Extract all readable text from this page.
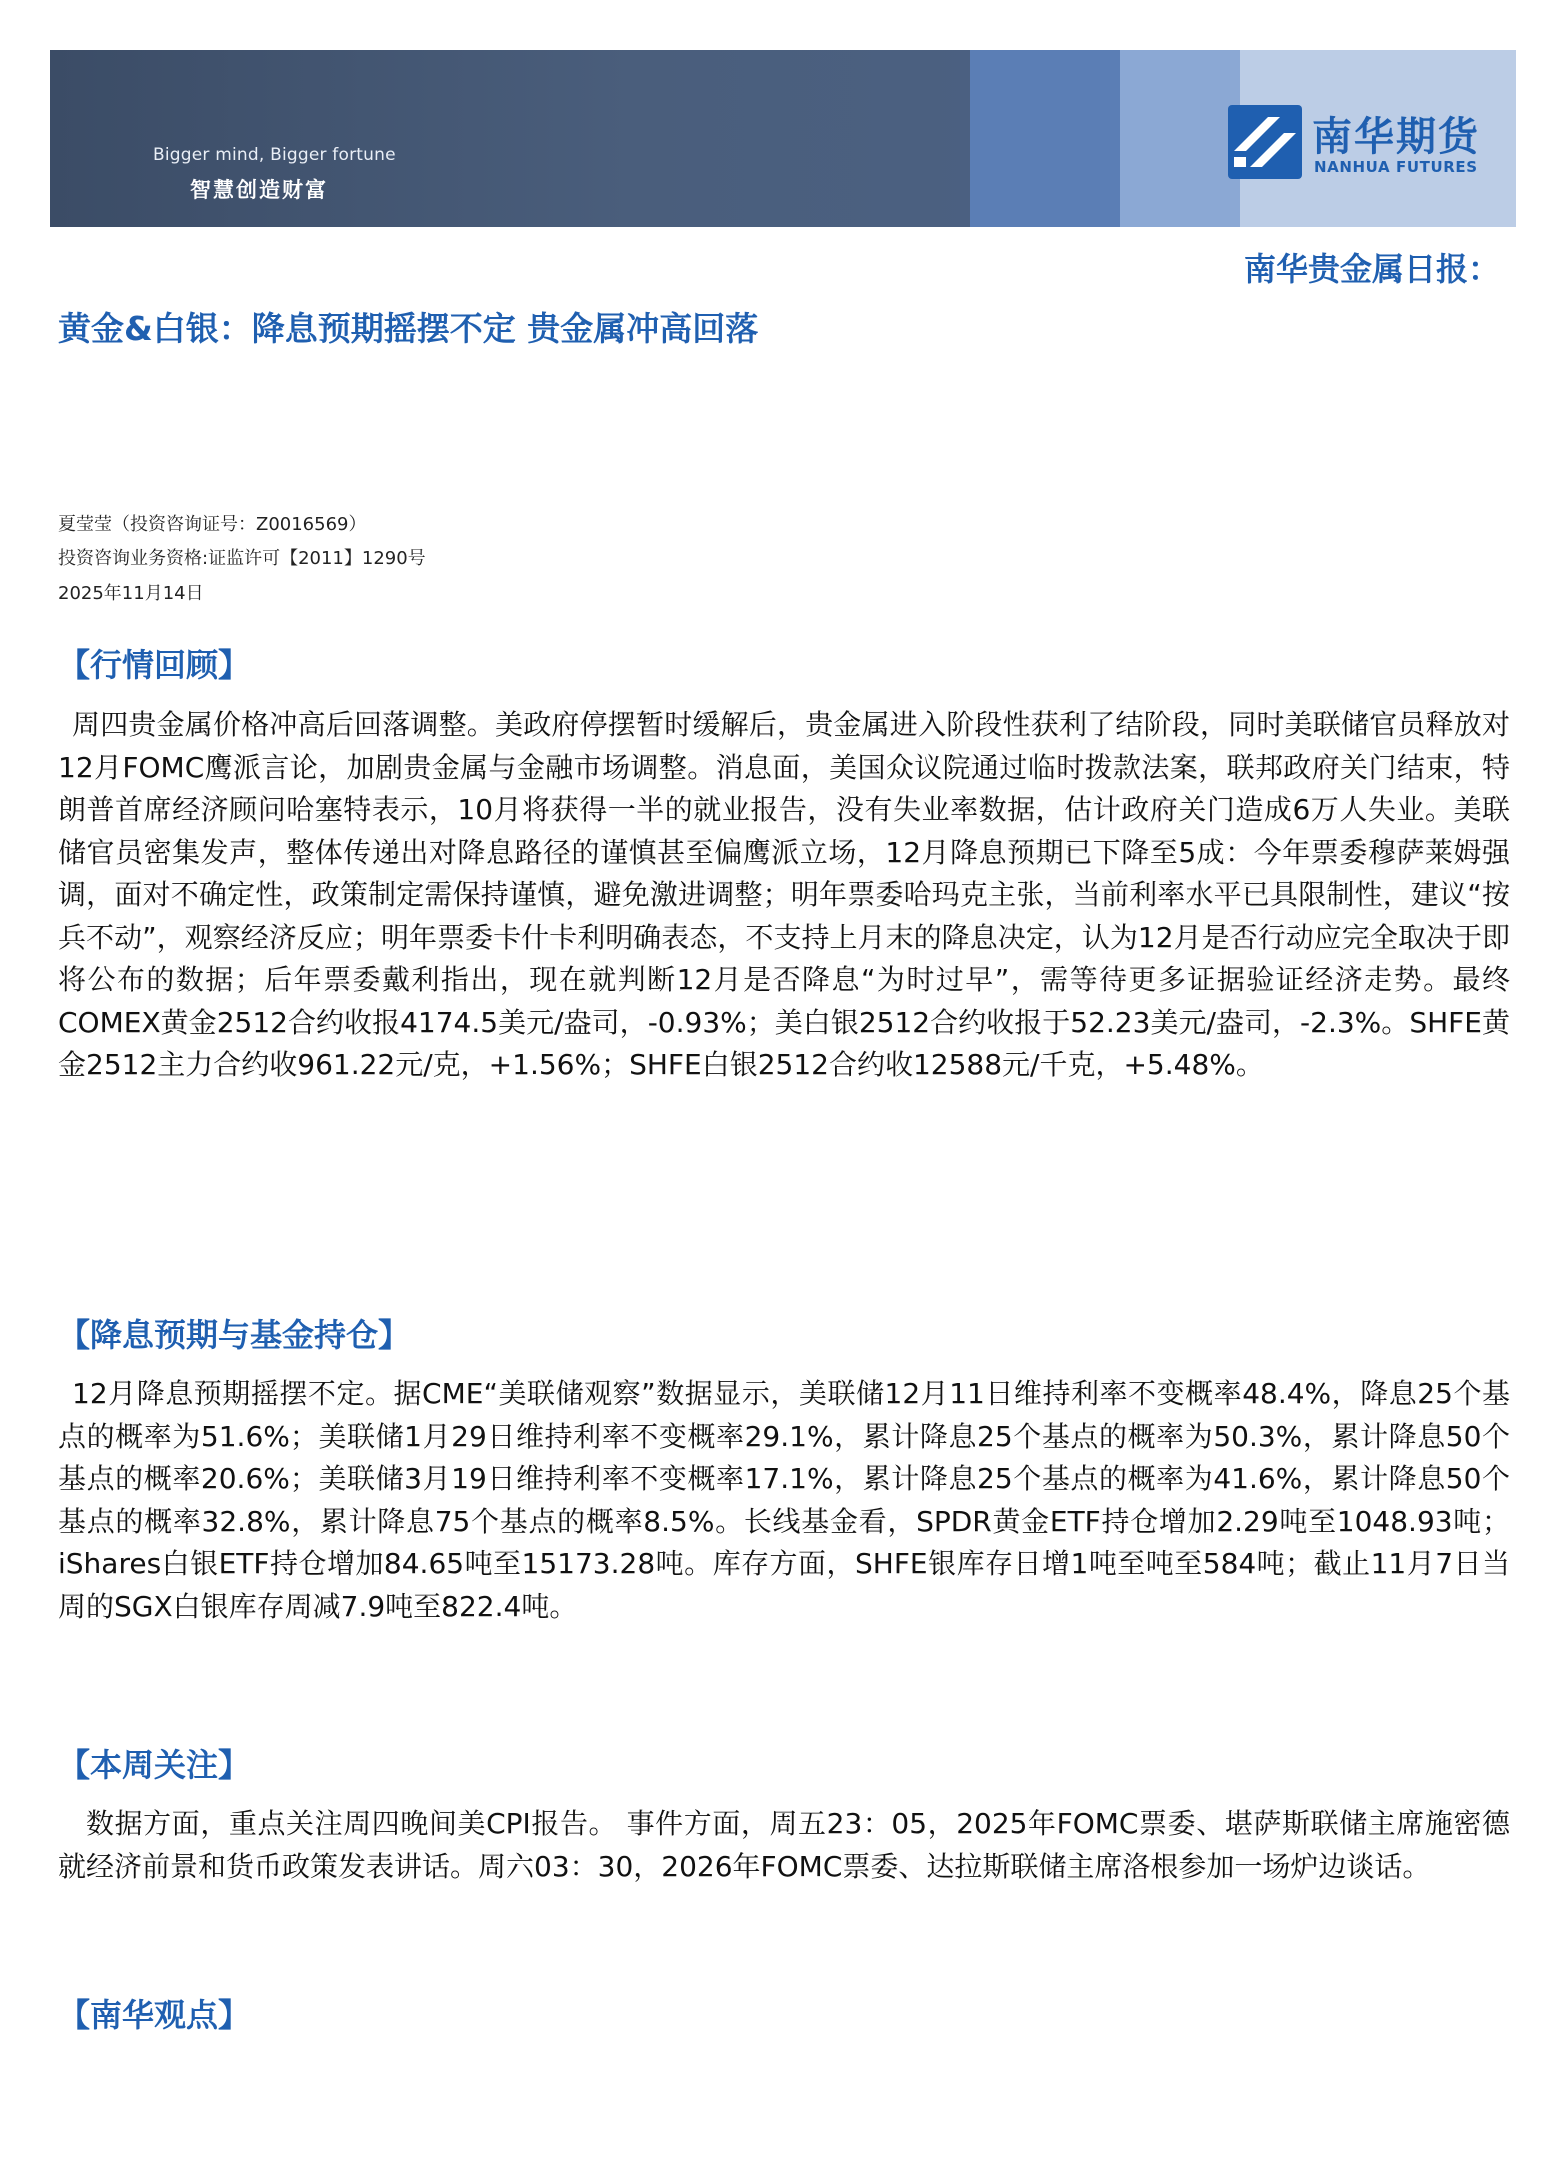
Bigger mind, Bigger fortune
智慧创造财富
南华期货
NANHUA FUTURES
南华贵金属日报：
黄金&白银：降息预期摇摆不定 贵金属冲高回落
夏莹莹（投资咨询证号：Z0016569）
投资咨询业务资格:证监许可【2011】1290号
2025年11月14日
【行情回顾】

周四贵金属价格冲高后回落调整。美政府停摆暂时缓解后，贵金属进入阶段性获利了结阶段，同时美联储官员释放对12月FOMC鹰派言论，加剧贵金属与金融市场调整。消息面，美国众议院通过临时拨款法案，联邦政府关门结束，特朗普首席经济顾问哈塞特表示，10月将获得一半的就业报告，没有失业率数据，估计政府关门造成6万人失业。美联储官员密集发声，整体传递出对降息路径的谨慎甚至偏鹰派立场，12月降息预期已下降至5成：今年票委穆萨莱姆强调，面对不确定性，政策制定需保持谨慎，避免激进调整；明年票委哈玛克主张，当前利率水平已具限制性，建议“按兵不动”，观察经济反应；明年票委卡什卡利明确表态，不支持上月末的降息决定，认为12月是否行动应完全取决于即将公布的数据；后年票委戴利指出，现在就判断12月是否降息“为时过早”，需等待更多证据验证经济走势。最终COMEX黄金2512合约收报4174.5美元/盎司，-0.93%；美白银2512合约收报于52.23美元/盎司，-2.3%。SHFE黄金2512主力合约收961.22元/克，+1.56%；SHFE白银2512合约收12588元/千克，+5.48%。

【降息预期与基金持仓】

12月降息预期摇摆不定。据CME“美联储观察”数据显示，美联储12月11日维持利率不变概率48.4%，降息25个基点的概率为51.6%；美联储1月29日维持利率不变概率29.1%，累计降息25个基点的概率为50.3%，累计降息50个基点的概率20.6%；美联储3月19日维持利率不变概率17.1%，累计降息25个基点的概率为41.6%，累计降息50个基点的概率32.8%，累计降息75个基点的概率8.5%。长线基金看，SPDR黄金ETF持仓增加2.29吨至1048.93吨；iShares白银ETF持仓增加84.65吨至15173.28吨。库存方面，SHFE银库存日增1吨至吨至584吨；截止11月7日当周的SGX白银库存周减7.9吨至822.4吨。

【本周关注】

数据方面，重点关注周四晚间美CPI报告。 事件方面，周五23：05，2025年FOMC票委、堪萨斯联储主席施密德就经济前景和货币政策发表讲话。周六03：30，2026年FOMC票委、达拉斯联储主席洛根参加一场炉边谈话。

【南华观点】
